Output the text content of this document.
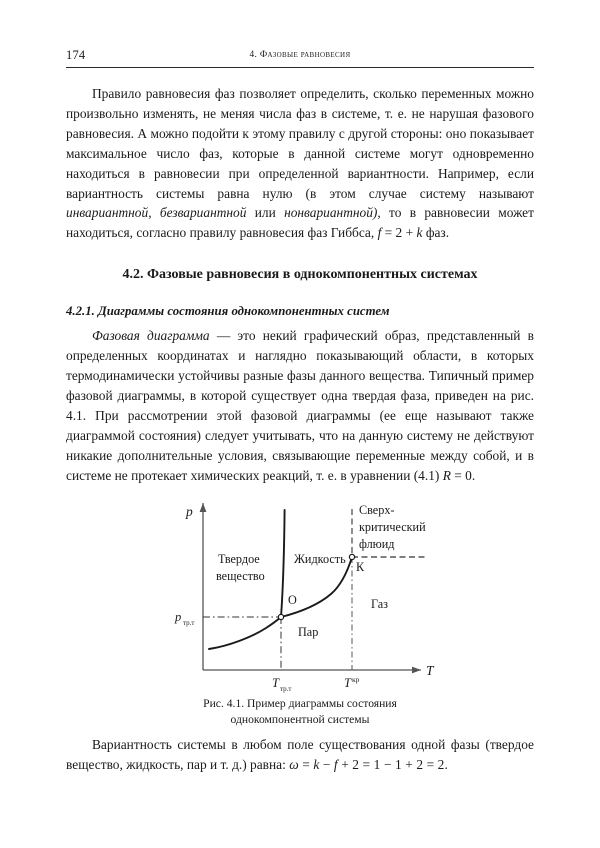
174	4. Фазовые равновесия

Правило равновесия фаз позволяет определить, сколько переменных можно произвольно изменять, не меняя числа фаз в системе, т. е. не нарушая фазового равновесия. А можно подойти к этому правилу с другой стороны: оно показывает максимальное число фаз, которые в данной системе могут одновременно находиться в равновесии при определенной вариантности. Например, если вариантность системы равна нулю (в этом случае систему называют инвариантной, безвариантной или нонвариантной), то в равновесии может находиться, согласно правилу равновесия фаз Гиббса, f = 2 + k фаз.

4.2. Фазовые равновесия в однокомпонентных системах
4.2.1. Диаграммы состояния однокомпонентных систем

Фазовая диаграмма — это некий графический образ, представленный в определенных координатах и наглядно показывающий области, в которых термодинамически устойчивы разные фазы данного вещества. Типичный пример фазовой диаграммы, в которой существует одна твердая фаза, приведен на рис. 4.1. При рассмотрении этой фазовой диаграммы (ее еще называют также диаграммой состояния) следует учитывать, что на данную систему не действуют никакие дополнительные условия, связывающие переменные между собой, и в системе не протекает химических реакций, т. е. в уравнении (4.1) R = 0.

p
T
p тр.т
T тр.т	T кр
Твердое
вещество
Жидкость
Пар
Газ
Сверх-
критический
флюид
O
К

Рис. 4.1. Пример диаграммы состояния
однокомпонентной системы

Вариантность системы в любом поле существования одной фазы (твердое вещество, жидкость, пар и т. д.) равна: ω = k − f + 2 = 1 − 1 + 2 = 2.
